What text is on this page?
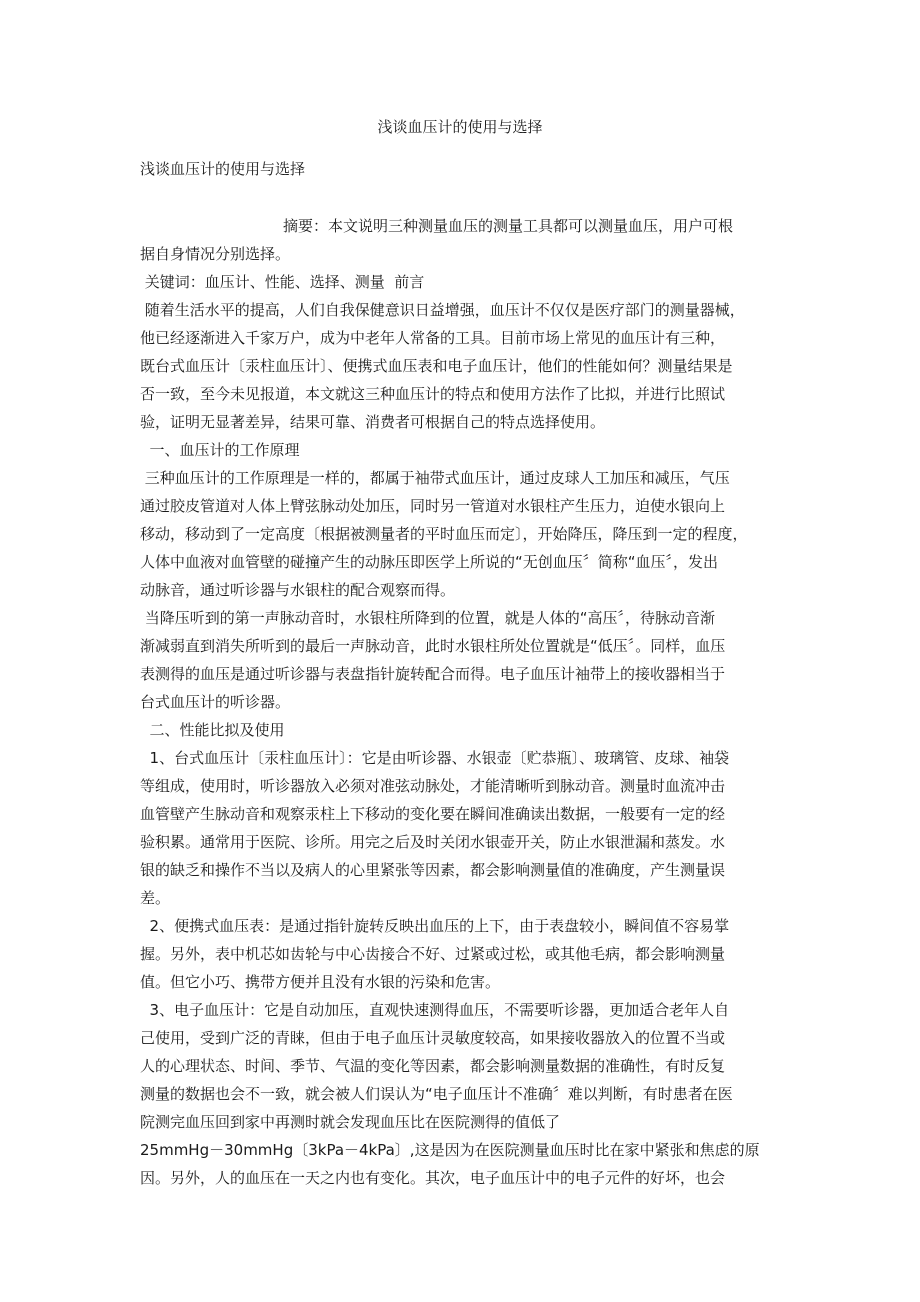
浅谈血压计的使用与选择
浅谈血压计的使用与选择
摘要：本文说明三种测量血压的测量工具都可以测量血压，用户可根
据自身情况分别选择。
关键词：血压计、性能、选择、测量  前言
随着生活水平的提高，人们自我保健意识日益增强，血压计不仅仅是医疗部门的测量器械，
他已经逐渐进入千家万户，成为中老年人常备的工具。目前市场上常见的血压计有三种，
既台式血压计〔汞柱血压计〕、便携式血压表和电子血压计，他们的性能如何？测量结果是
否一致，至今未见报道，本文就这三种血压计的特点和使用方法作了比拟，并进行比照试
验，证明无显著差异，结果可靠、消费者可根据自己的特点选择使用。
一、血压计的工作原理
三种血压计的工作原理是一样的，都属于袖带式血压计，通过皮球人工加压和减压，气压
通过胶皮管道对人体上臂弦脉动处加压，同时另一管道对水银柱产生压力，迫使水银向上
移动，移动到了一定高度〔根据被测量者的平时血压而定〕，开始降压，降压到一定的程度，
人体中血液对血管壁的碰撞产生的动脉压即医学上所说的“无创血压〞简称“血压〞，发出
动脉音，通过听诊器与水银柱的配合观察而得。
当降压听到的第一声脉动音时，水银柱所降到的位置，就是人体的“高压〞，待脉动音渐
渐减弱直到消失所听到的最后一声脉动音，此时水银柱所处位置就是“低压〞。同样，血压
表测得的血压是通过听诊器与表盘指针旋转配合而得。电子血压计袖带上的接收器相当于
台式血压计的听诊器。
二、性能比拟及使用
1、台式血压计〔汞柱血压计〕：它是由听诊器、水银壶〔贮恭瓶〕、玻璃管、皮球、袖袋
等组成，使用时，听诊器放入必须对准弦动脉处，才能清晰听到脉动音。测量时血流冲击
血管壁产生脉动音和观察汞柱上下移动的变化要在瞬间准确读出数据，一般要有一定的经
验积累。通常用于医院、诊所。用完之后及时关闭水银壶开关，防止水银泄漏和蒸发。水
银的缺乏和操作不当以及病人的心里紧张等因素，都会影响测量值的准确度，产生测量误
差。
2、便携式血压表：是通过指针旋转反映出血压的上下，由于表盘较小，瞬间值不容易掌
握。另外，表中机芯如齿轮与中心齿接合不好、过紧或过松，或其他毛病，都会影响测量
值。但它小巧、携带方便并且没有水银的污染和危害。
3、电子血压计：它是自动加压，直观快速测得血压，不需要听诊器，更加适合老年人自
己使用，受到广泛的青睐，但由于电子血压计灵敏度较高，如果接收器放入的位置不当或
人的心理状态、时间、季节、气温的变化等因素，都会影响测量数据的准确性，有时反复
测量的数据也会不一致，就会被人们误认为“电子血压计不准确〞难以判断，有时患者在医
院测完血压回到家中再测时就会发现血压比在医院测得的值低了
25mmHg－30mmHg〔3kPa－4kPa〕,这是因为在医院测量血压时比在家中紧张和焦虑的原
因。另外，人的血压在一天之内也有变化。其次，电子血压计中的电子元件的好坏，也会
